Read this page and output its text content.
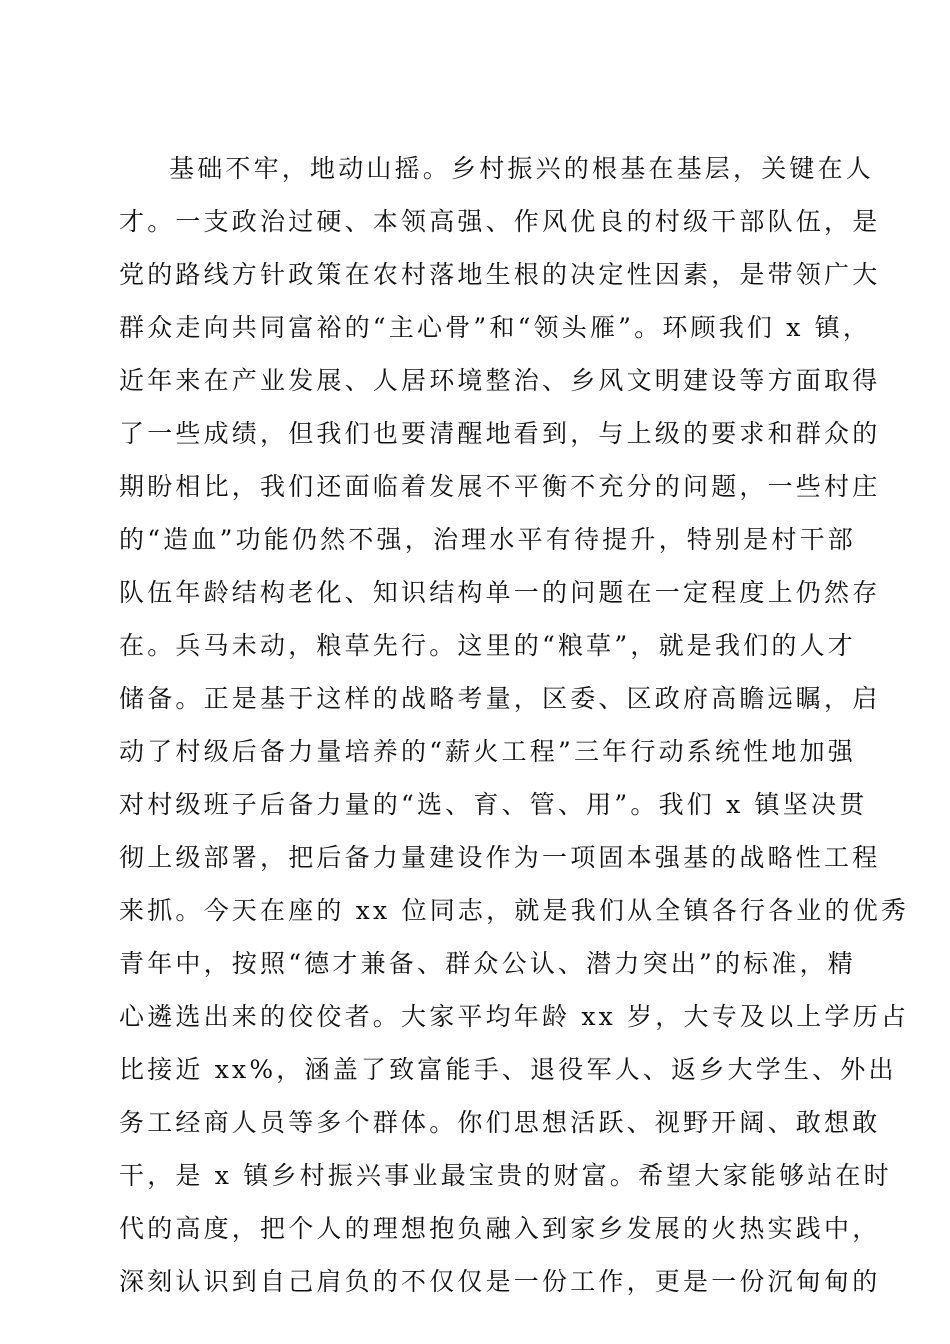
基础不牢，地动山摇。乡村振兴的根基在基层，关键在人
才。一支政治过硬、本领高强、作风优良的村级干部队伍，是
党的路线方针政策在农村落地生根的决定性因素，是带领广大
群众走向共同富裕的“主心骨”和“领头雁”。环顾我们 x 镇，
近年来在产业发展、人居环境整治、乡风文明建设等方面取得
了一些成绩，但我们也要清醒地看到，与上级的要求和群众的
期盼相比，我们还面临着发展不平衡不充分的问题，一些村庄
的“造血”功能仍然不强，治理水平有待提升，特别是村干部
队伍年龄结构老化、知识结构单一的问题在一定程度上仍然存
在。兵马未动，粮草先行。这里的“粮草”，就是我们的人才
储备。正是基于这样的战略考量，区委、区政府高瞻远瞩，启
动了村级后备力量培养的“薪火工程”三年行动系统性地加强
对村级班子后备力量的“选、育、管、用”。我们 x 镇坚决贯
彻上级部署，把后备力量建设作为一项固本强基的战略性工程
来抓。今天在座的 xx 位同志，就是我们从全镇各行各业的优秀
青年中，按照“德才兼备、群众公认、潜力突出”的标准，精
心遴选出来的佼佼者。大家平均年龄 xx 岁，大专及以上学历占
比接近 xx%，涵盖了致富能手、退役军人、返乡大学生、外出
务工经商人员等多个群体。你们思想活跃、视野开阔、敢想敢
干，是 x 镇乡村振兴事业最宝贵的财富。希望大家能够站在时
代的高度，把个人的理想抱负融入到家乡发展的火热实践中，
深刻认识到自己肩负的不仅仅是一份工作，更是一份沉甸甸的
